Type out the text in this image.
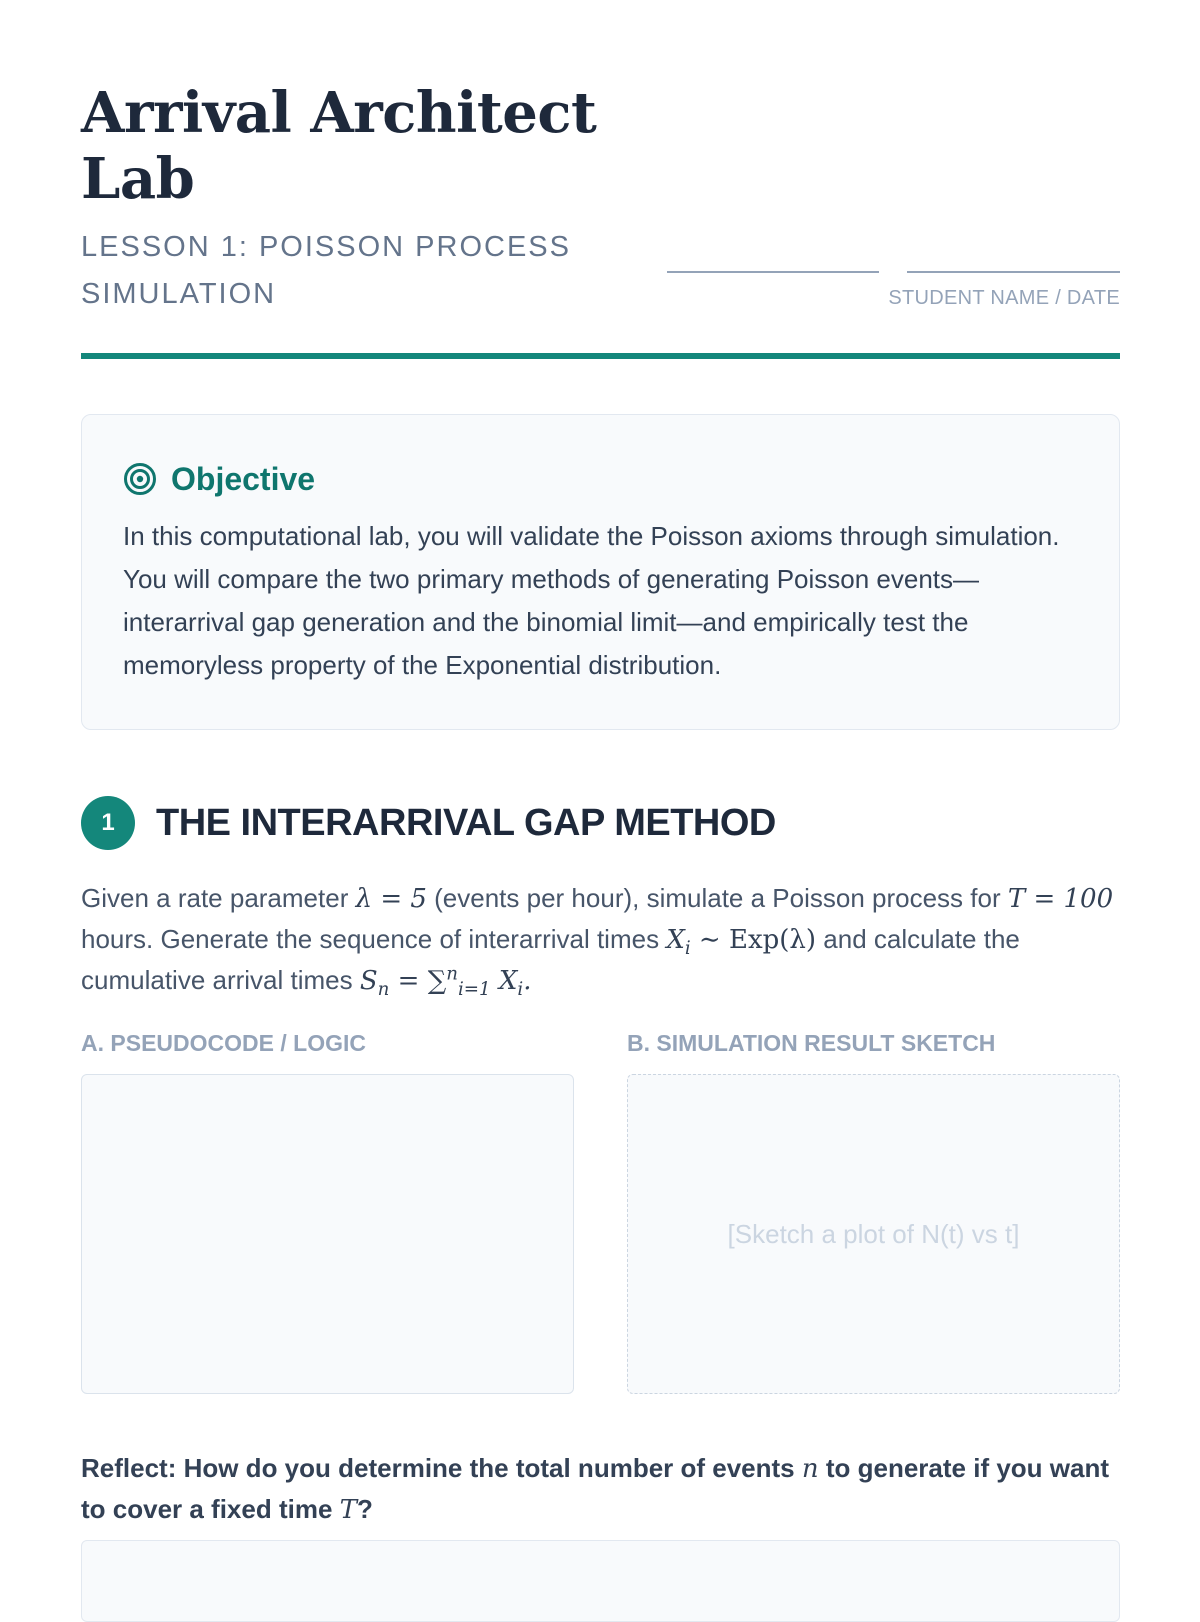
Arrival Architect Lab

LESSON 1: POISSON PROCESS SIMULATION	STUDENT NAME / DATE
Objective

In this computational lab, you will validate the Poisson axioms through simulation. You will compare the two primary methods of generating Poisson events—interarrival gap generation and the binomial limit—and empirically test the memoryless property of the Exponential distribution.

1	THE INTERARRIVAL GAP METHOD
Given a rate parameter λ = 5 (events per hour), simulate a Poisson process for T = 100 hours. Generate the sequence of interarrival times $X_i$ ∼ Exp(λ) and calculate the cumulative arrival times $S_n = \sum^n_{i=1}$ $X_i$.
A. PSEUDOCODE / LOGIC	B. SIMULATION RESULT SKETCH
[Sketch a plot of N(t) vs t]

Reflect: How do you determine the total number of events n to generate if you want to cover a fixed time T?
